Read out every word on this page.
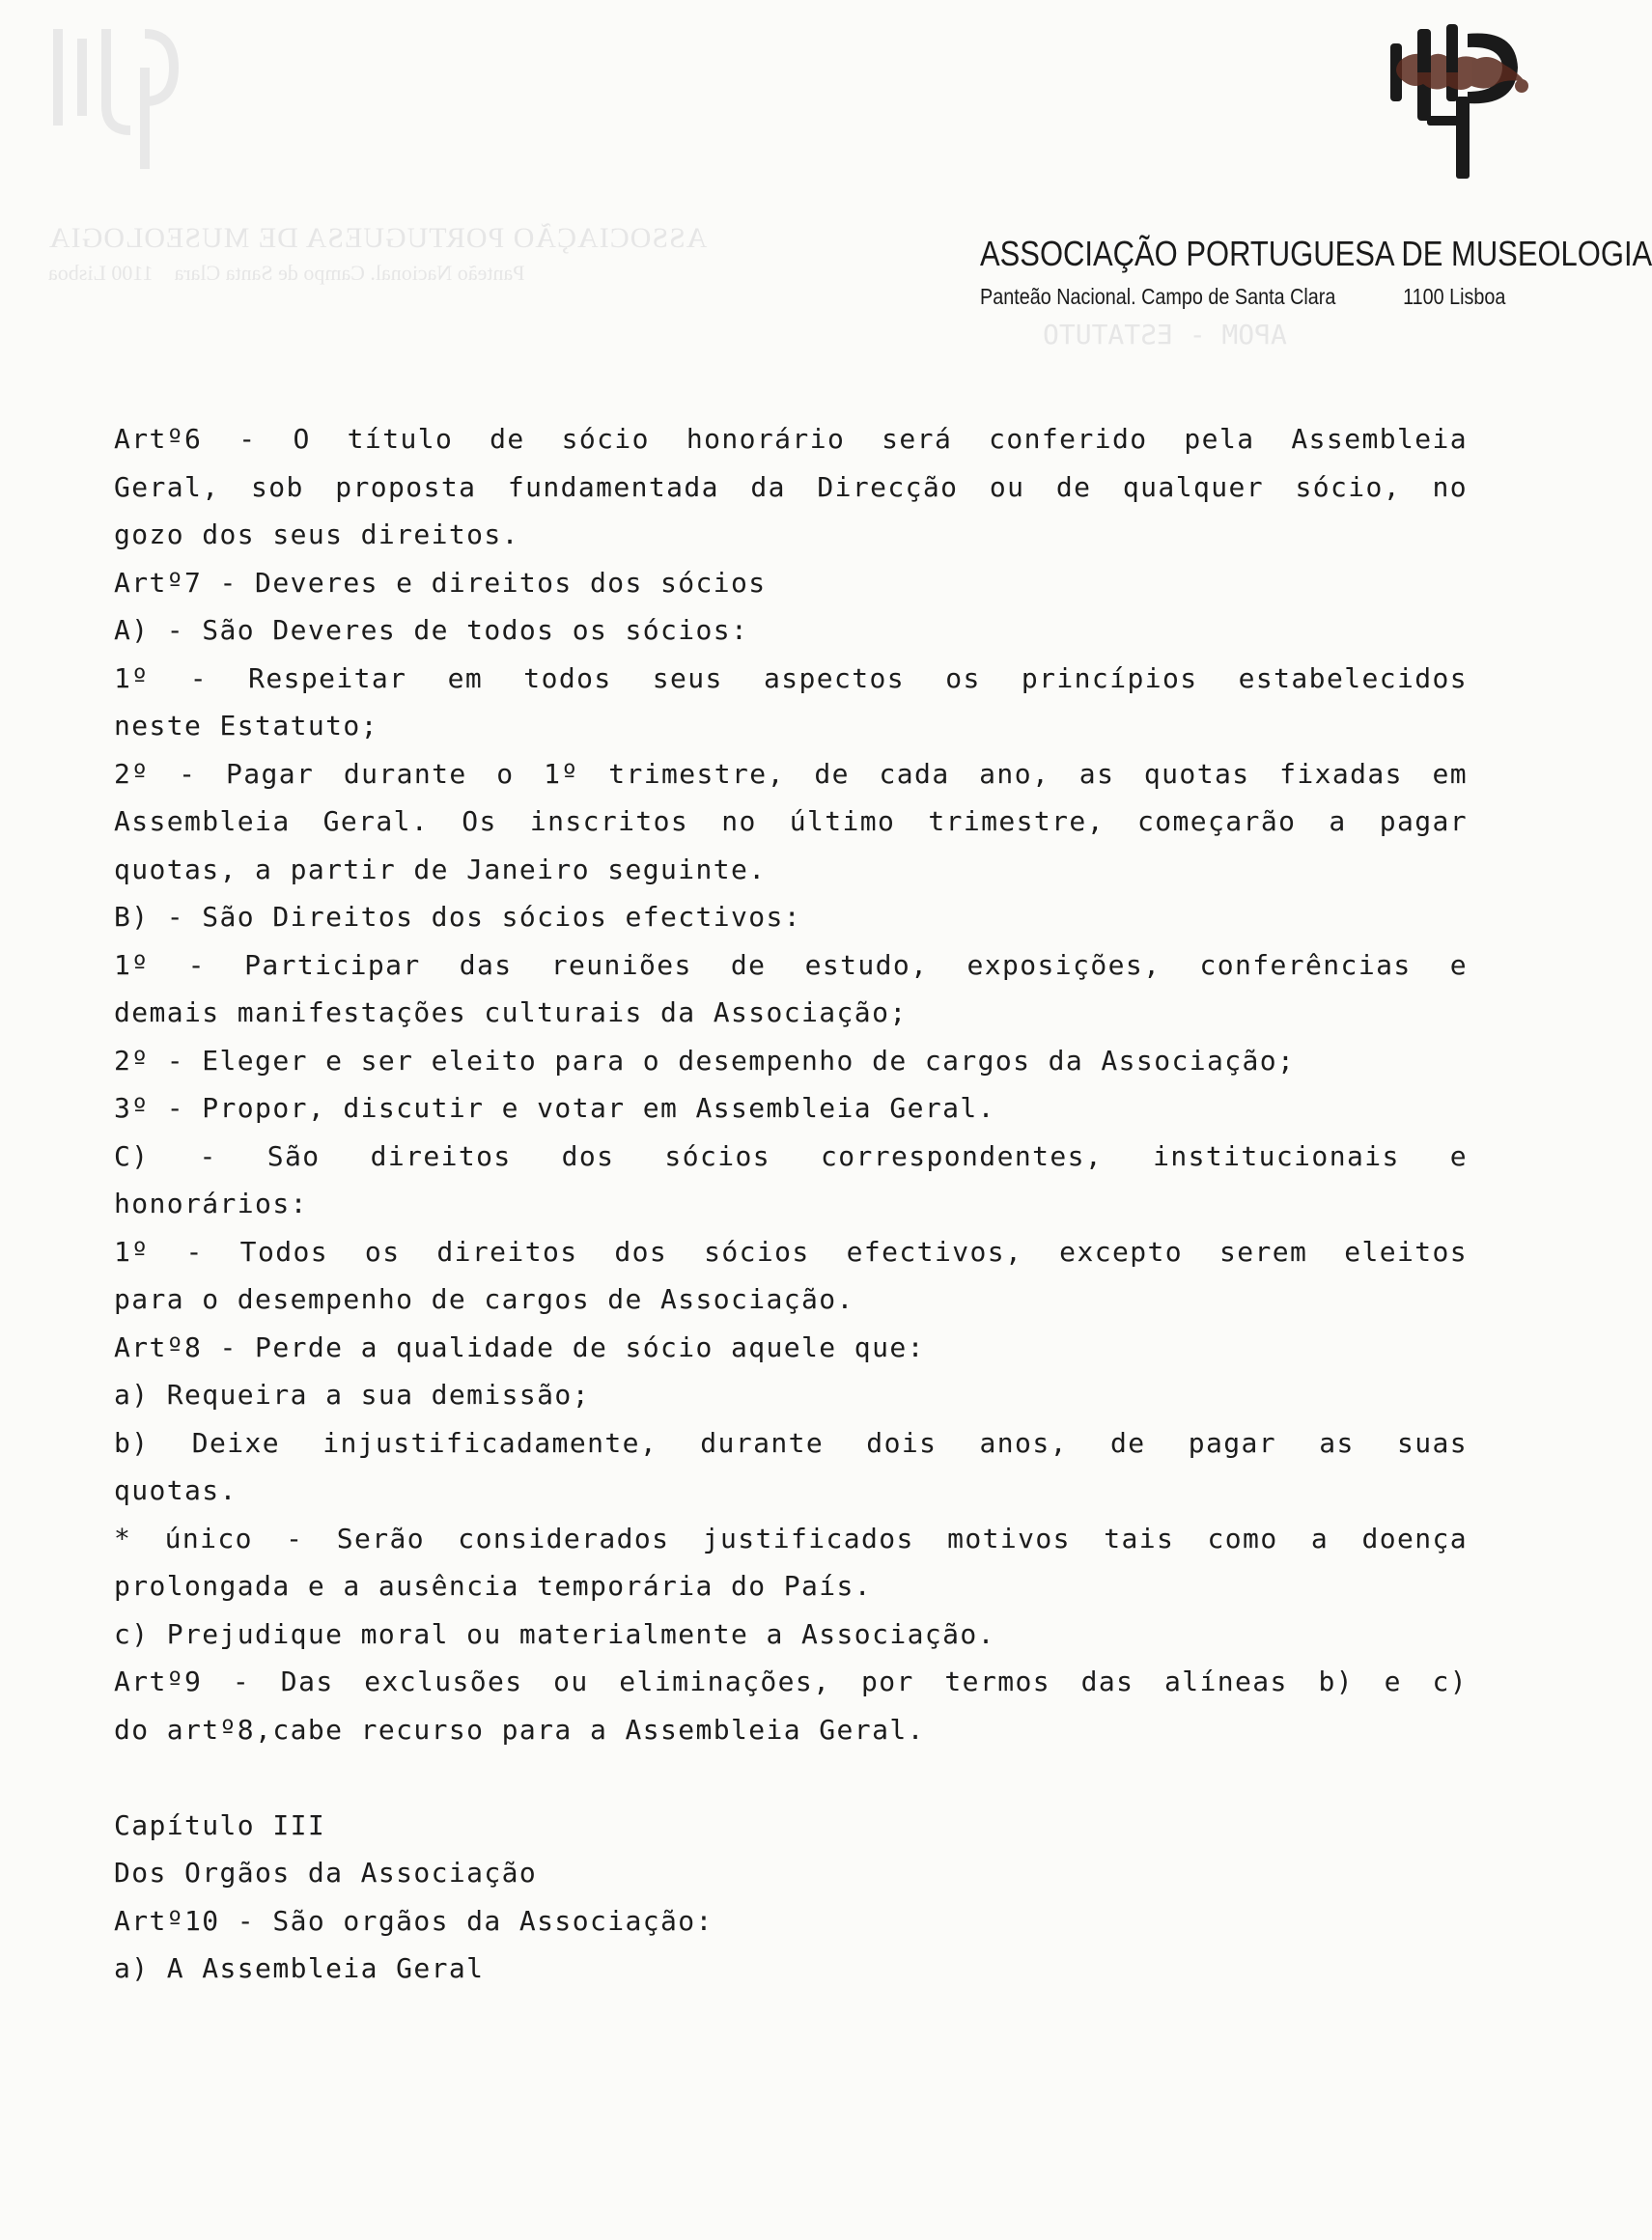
ASSOCIAÇÃO PORTUGUESA DE MUSEOLOGIA
Panteão Nacional. Campo de Santa Clara    1100 Lisboa
APOM - ESTATUTO
ASSOCIAÇÃO PORTUGUESA DE MUSEOLOGIA
Panteão Nacional. Campo de Santa Clara	1100 Lisboa
Artº6 - O título de sócio honorário será conferido pela Assembleia
Geral, sob proposta fundamentada da Direcção ou de qualquer sócio, no
gozo dos seus direitos.
Artº7 - Deveres e direitos dos sócios
A) - São Deveres de todos os sócios:
1º - Respeitar em todos seus aspectos os princípios estabelecidos
neste Estatuto;
2º - Pagar durante o 1º trimestre, de cada ano, as quotas fixadas em
Assembleia Geral. Os inscritos no último trimestre, começarão a pagar
quotas, a partir de Janeiro seguinte.
B) - São Direitos dos sócios efectivos:
1º - Participar das reuniões de estudo, exposições, conferências e
demais manifestações culturais da Associação;
2º - Eleger e ser eleito para o desempenho de cargos da Associação;
3º - Propor, discutir e votar em Assembleia Geral.
C) - São direitos dos sócios correspondentes, institucionais e
honorários:
1º - Todos os direitos dos sócios efectivos, excepto serem eleitos
para o desempenho de cargos de Associação.
Artº8 - Perde a qualidade de sócio aquele que:
a) Requeira a sua demissão;
b) Deixe injustificadamente, durante dois anos, de pagar as suas
quotas.
* único - Serão considerados justificados motivos tais como a doença
prolongada e a ausência temporária do País.
c) Prejudique moral ou materialmente a Associação.
Artº9 - Das exclusões ou eliminações, por termos das alíneas b) e c)
do artº8,cabe recurso para a Assembleia Geral.
Capítulo III
Dos Orgãos da Associação
Artº10 - São orgãos da Associação:
a) A Assembleia Geral
